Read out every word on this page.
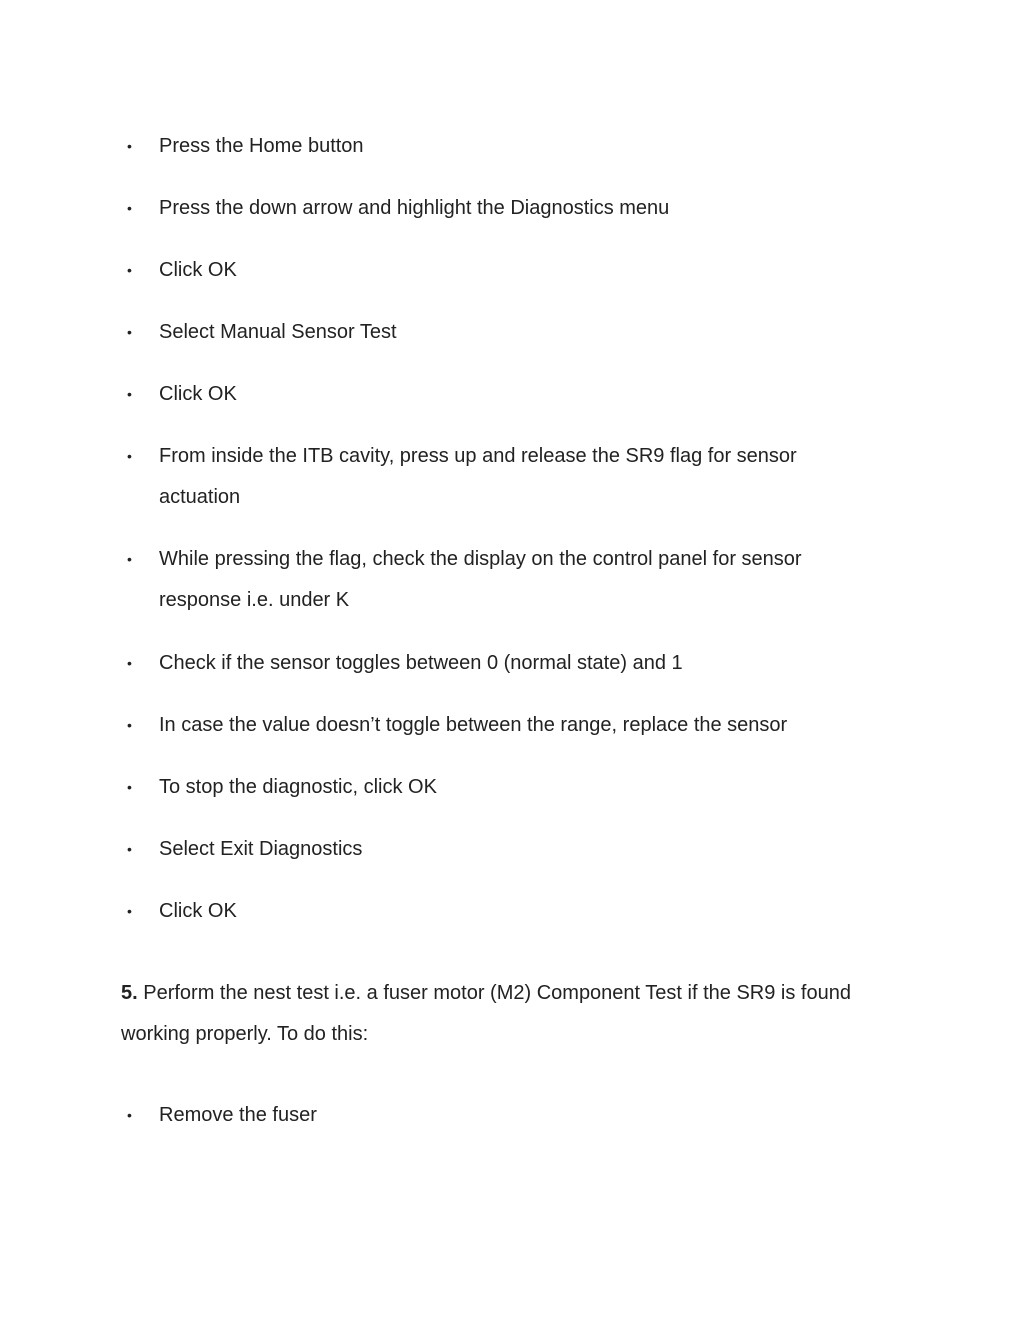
• Press the Home button
• Press the down arrow and highlight the Diagnostics menu
• Click OK
• Select Manual Sensor Test
• Click OK
• From inside the ITB cavity, press up and release the SR9 flag for sensor actuation
• While pressing the flag, check the display on the control panel for sensor response i.e. under K
• Check if the sensor toggles between 0 (normal state) and 1
• In case the value doesn’t toggle between the range, replace the sensor
• To stop the diagnostic, click OK
• Select Exit Diagnostics
• Click OK
5. Perform the nest test i.e. a fuser motor (M2) Component Test if the SR9 is found working properly. To do this:
• Remove the fuser
